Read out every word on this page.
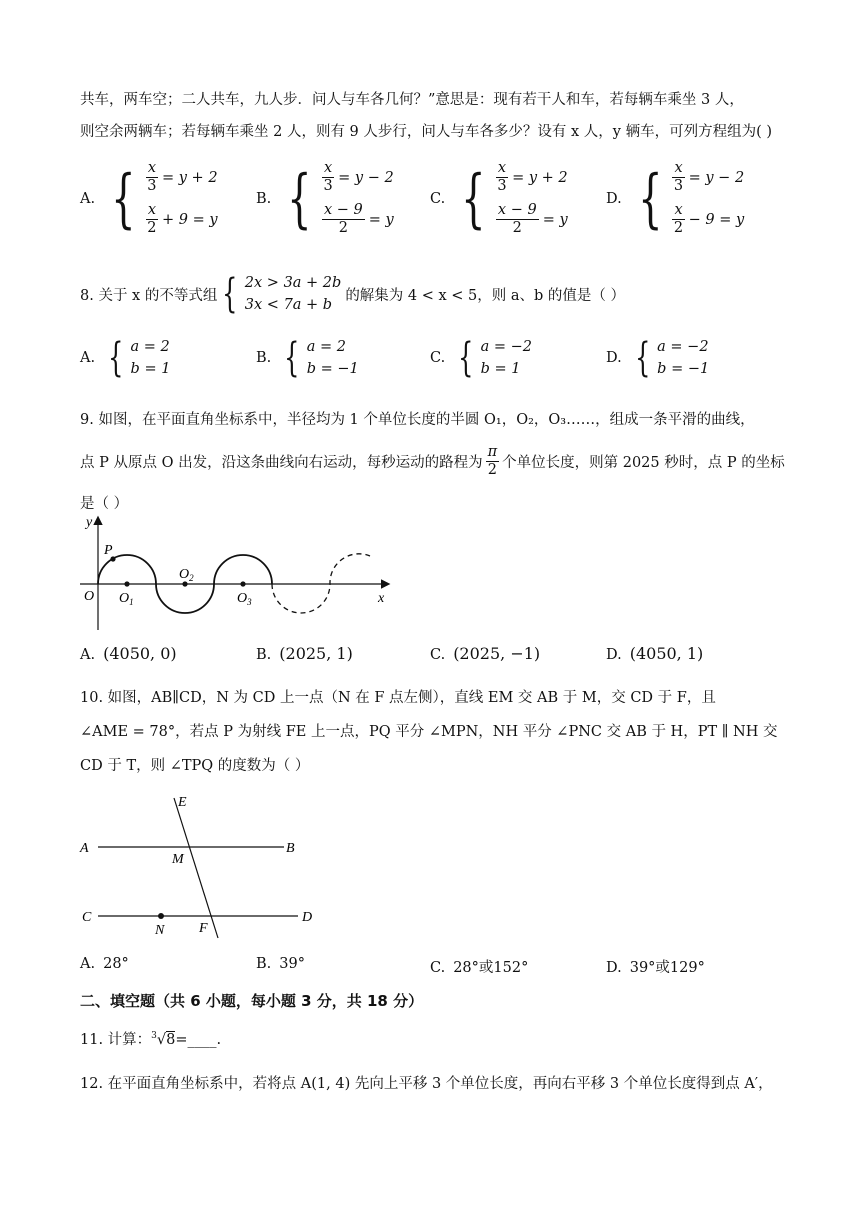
共车，两车空；二人共车，九人步．问人与车各几何？”意思是：现有若干人和车，若每辆车乘坐 3 人，
则空余两辆车；若每辆车乘坐 2 人，则有 9 人步行，问人与车各多少？设有 x 人，y 辆车，可列方程组为( )
A. { $\frac{x}{3} = y + 2$
$\frac{x}{2} + 9 = y$
B. { $\frac{x}{3} = y - 2$
$\frac{x - 9}{2} = y$
C. { $\frac{x}{3} = y + 2$
$\frac{x - 9}{2} = y$
D. { $\frac{x}{3} = y - 2$
$\frac{x}{2} - 9 = y$
8. 关于 x 的不等式组 { 2x > 3a + 2b
3x < 7a + b
的解集为 4 < x < 5，则 a、b 的值是（ ）
A. { a = 2
b = 1
B. { a = 2
b = −1
C. { a = −2
b = 1
D. { a = −2
b = −1
9. 如图，在平面直角坐标系中，半径均为 1 个单位长度的半圆 O₁，O₂，O₃……，组成一条平滑的曲线，
点 P 从原点 O 出发，沿这条曲线向右运动，每秒运动的路程为 $\frac{\pi}{2}$ 个单位长度，则第 2025 秒时，点 P 的坐标
是（ ）
y
x
O
P
$O_1$
$O_2$
$O_3$
A. (4050, 0)	B. (2025, 1)	C. (2025, −1)	D. (4050, 1)
10. 如图，AB∥CD，N 为 CD 上一点（N 在 F 点左侧），直线 EM 交 AB 于 M，交 CD 于 F，且
∠AME = 78°，若点 P 为射线 FE 上一点，PQ 平分 ∠MPN，NH 平分 ∠PNC 交 AB 于 H，PT ∥ NH 交
CD 于 T，则 ∠TPQ 的度数为（ ）
E
A	B
M
C	D
N F
A. 28°	B. 39°	C. 28°或152°	D. 39°或129°
二、填空题（共 6 小题，每小题 3 分，共 18 分）
11. 计算：$^3$√8=____.
12. 在平面直角坐标系中，若将点 A(1, 4) 先向上平移 3 个单位长度，再向右平移 3 个单位长度得到点 A′，
